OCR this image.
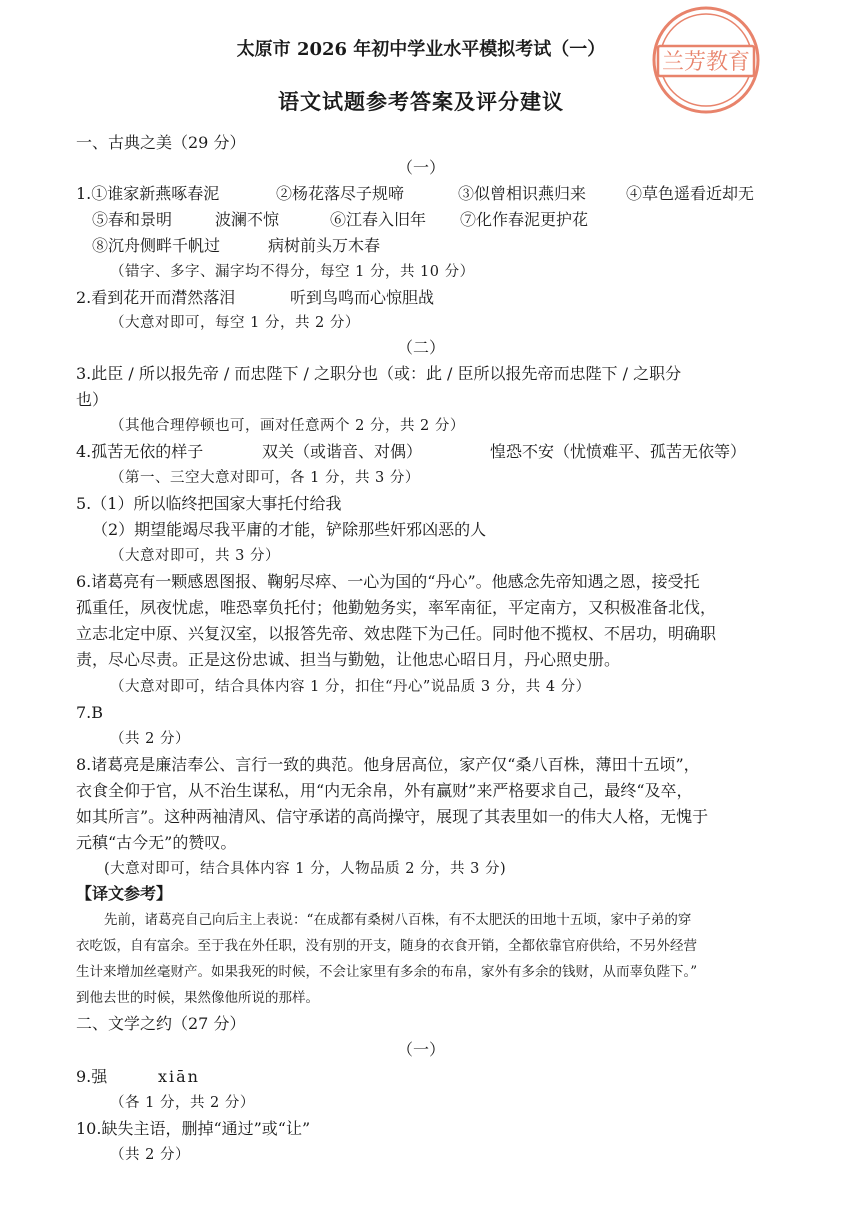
兰芳教育
太原市 2026 年初中学业水平模拟考试（一）
语文试题参考答案及评分建议
一、古典之美（29 分）
（一）
1.①谁家新燕啄春泥	②杨花落尽子规啼	③似曾相识燕归来 ④草色遥看近却无
⑤春和景明	波澜不惊	⑥江春入旧年 ⑦化作春泥更护花
⑧沉舟侧畔千帆过	病树前头万木春
（错字、多字、漏字均不得分，每空 1 分，共 10 分）
2.看到花开而潸然落泪	听到鸟鸣而心惊胆战
（大意对即可，每空 1 分，共 2 分）
（二）
3.此臣 / 所以报先帝 / 而忠陛下 / 之职分也（或：此 / 臣所以报先帝而忠陛下 / 之职分
也）
（其他合理停顿也可，画对任意两个 2 分，共 2 分）
4.孤苦无依的样子	双关（或谐音、对偶）	惶恐不安（忧愤难平、孤苦无依等）
（第一、三空大意对即可，各 1 分，共 3 分）
5.（1）所以临终把国家大事托付给我
（2）期望能竭尽我平庸的才能，铲除那些奸邪凶恶的人
（大意对即可，共 3 分）
6.诸葛亮有一颗感恩图报、鞠躬尽瘁、一心为国的“丹心”。他感念先帝知遇之恩，接受托
孤重任，夙夜忧虑，唯恐辜负托付；他勤勉务实，率军南征，平定南方，又积极准备北伐，
立志北定中原、兴复汉室，以报答先帝、效忠陛下为己任。同时他不揽权、不居功，明确职
责，尽心尽责。正是这份忠诚、担当与勤勉，让他忠心昭日月，丹心照史册。
（大意对即可，结合具体内容 1 分，扣住“丹心”说品质 3 分，共 4 分）
7.B
（共 2 分）
8.诸葛亮是廉洁奉公、言行一致的典范。他身居高位，家产仅“桑八百株，薄田十五顷”，
衣食全仰于官，从不治生谋私，用“内无余帛，外有赢财”来严格要求自己，最终“及卒，
如其所言”。这种两袖清风、信守承诺的高尚操守，展现了其表里如一的伟大人格，无愧于
元稹“古今无”的赞叹。
(大意对即可，结合具体内容 1 分，人物品质 2 分，共 3 分)
【译文参考】
先前，诸葛亮自己向后主上表说：“在成都有桑树八百株，有不太肥沃的田地十五顷，家中子弟的穿
衣吃饭，自有富余。至于我在外任职，没有别的开支，随身的衣食开销，全都依靠官府供给，不另外经营
生计来增加丝毫财产。如果我死的时候，不会让家里有多余的布帛，家外有多余的钱财，从而辜负陛下。”
到他去世的时候，果然像他所说的那样。
二、文学之约（27 分）
（一）
9.强	xiān
（各 1 分，共 2 分）
10.缺失主语，删掉“通过”或“让”
（共 2 分）
